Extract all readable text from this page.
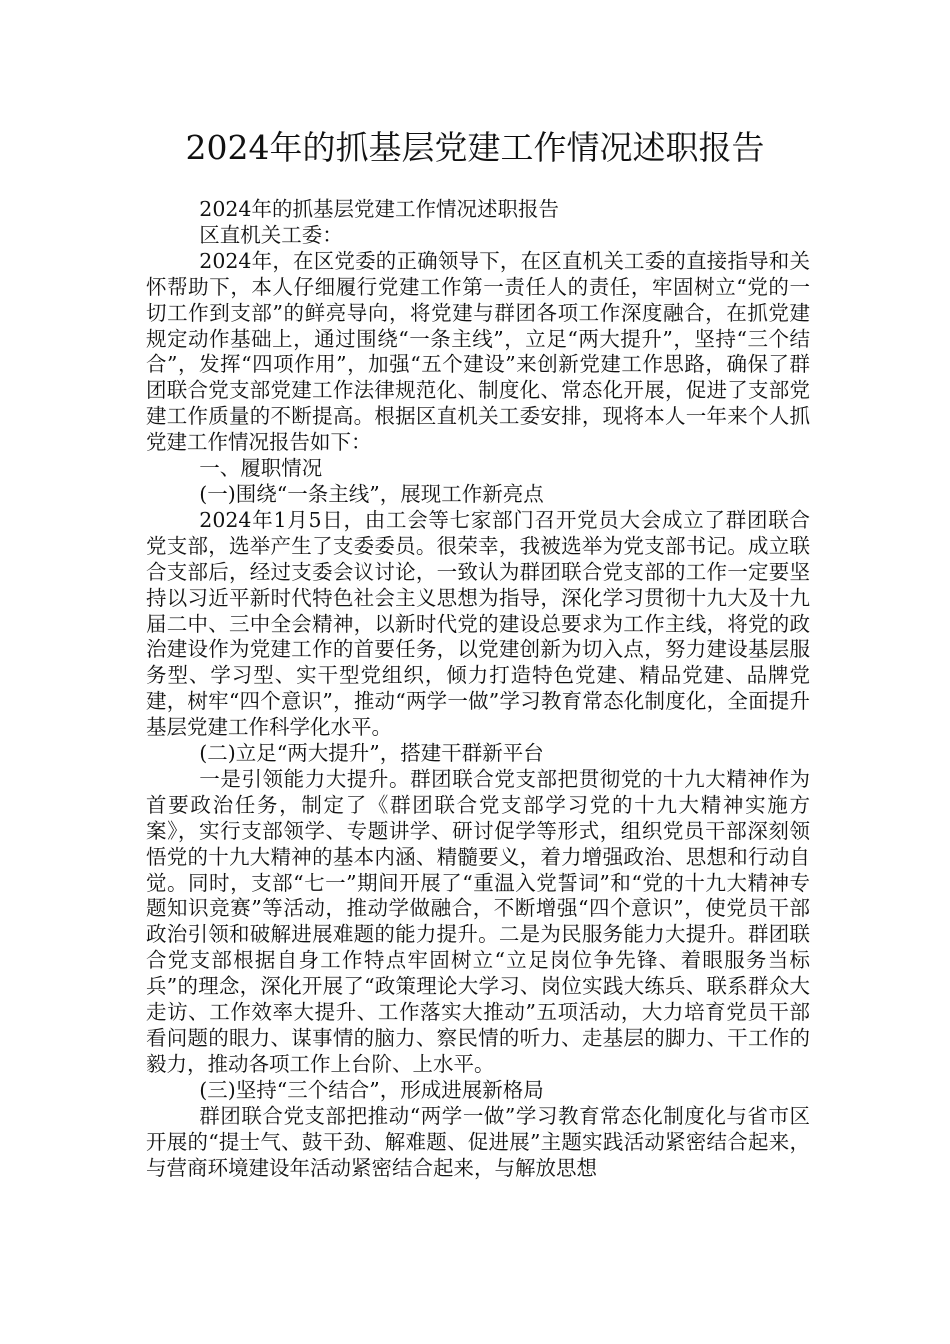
2024年的抓基层党建工作情况述职报告

2024年的抓基层党建工作情况述职报告

区直机关工委：

2024年，在区党委的正确领导下，在区直机关工委的直接指导和关怀帮助下，本人仔细履行党建工作第一责任人的责任，牢固树立“党的一切工作到支部”的鲜亮导向，将党建与群团各项工作深度融合，在抓党建规定动作基础上，通过围绕“一条主线”，立足“两大提升”，坚持“三个结合”，发挥“四项作用”，加强“五个建设”来创新党建工作思路，确保了群团联合党支部党建工作法律规范化、制度化、常态化开展，促进了支部党建工作质量的不断提高。根据区直机关工委安排，现将本人一年来个人抓党建工作情况报告如下：

一、履职情况

(一)围绕“一条主线”，展现工作新亮点

2024年1月5日，由工会等七家部门召开党员大会成立了群团联合党支部，选举产生了支委委员。很荣幸，我被选举为党支部书记。成立联合支部后，经过支委会议讨论，一致认为群团联合党支部的工作一定要坚持以习近平新时代特色社会主义思想为指导，深化学习贯彻十九大及十九届二中、三中全会精神，以新时代党的建设总要求为工作主线，将党的政治建设作为党建工作的首要任务，以党建创新为切入点，努力建设基层服务型、学习型、实干型党组织，倾力打造特色党建、精品党建、品牌党建，树牢“四个意识”，推动“两学一做”学习教育常态化制度化，全面提升基层党建工作科学化水平。

(二)立足“两大提升”，搭建干群新平台

一是引领能力大提升。群团联合党支部把贯彻党的十九大精神作为首要政治任务，制定了《群团联合党支部学习党的十九大精神实施方案》，实行支部领学、专题讲学、研讨促学等形式，组织党员干部深刻领悟党的十九大精神的基本内涵、精髓要义，着力增强政治、思想和行动自觉。同时，支部“七一”期间开展了“重温入党誓词”和“党的十九大精神专题知识竞赛”等活动，推动学做融合，不断增强“四个意识”，使党员干部政治引领和破解进展难题的能力提升。二是为民服务能力大提升。群团联合党支部根据自身工作特点牢固树立“立足岗位争先锋、着眼服务当标兵”的理念，深化开展了“政策理论大学习、岗位实践大练兵、联系群众大走访、工作效率大提升、工作落实大推动”五项活动，大力培育党员干部看问题的眼力、谋事情的脑力、察民情的听力、走基层的脚力、干工作的毅力，推动各项工作上台阶、上水平。

(三)坚持“三个结合”，形成进展新格局

群团联合党支部把推动“两学一做”学习教育常态化制度化与省市区开展的“提士气、鼓干劲、解难题、促进展”主题实践活动紧密结合起来，与营商环境建设年活动紧密结合起来，与解放思想
